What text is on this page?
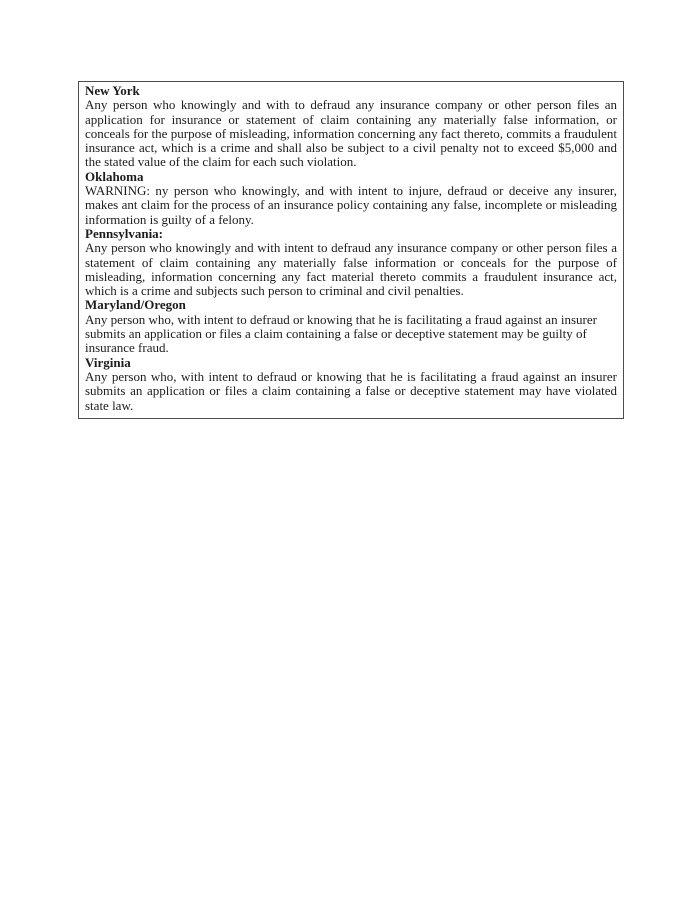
New York

Any person who knowingly and with to defraud any insurance company or other person files an application for insurance or statement of claim containing any materially false information, or conceals for the purpose of misleading, information concerning any fact thereto, commits a fraudulent insurance act, which is a crime and shall also be subject to a civil penalty not to exceed $5,000 and the stated value of the claim for each such violation.

Oklahoma

WARNING: ny person who knowingly, and with intent to injure, defraud or deceive any insurer, makes ant claim for the process of an insurance policy containing any false, incomplete or misleading information is guilty of a felony.

Pennsylvania:

Any person who knowingly and with intent to defraud any insurance company or other person files a statement of claim containing any materially false information or conceals for the purpose of misleading, information concerning any fact material thereto commits a fraudulent insurance act, which is a crime and subjects such person to criminal and civil penalties.

Maryland/Oregon

Any person who, with intent to defraud or knowing that he is facilitating a fraud against an insurer submits an application or files a claim containing a false or deceptive statement may be guilty of insurance fraud.

Virginia

Any person who, with intent to defraud or knowing that he is facilitating a fraud against an insurer submits an application or files a claim containing a false or deceptive statement may have violated state law.
